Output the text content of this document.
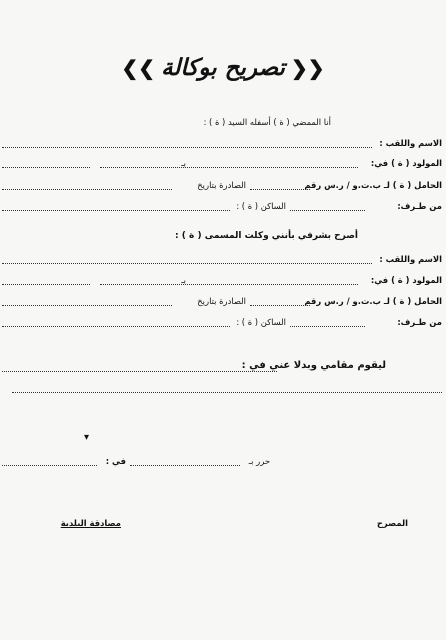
❮❮ تصريح بوكالة ❯❯
أنا الممضي ( ة ) أسفله السيد ( ة ) :
الاسم واللقب :
المولود ( ة ) في:
بـ
الحامل ( ة ) لـ ب.ت.و / ر.س رقم
الصادرة بتاريخ
من طـرف:
الساكن ( ة ) :
أصرح بشرفي بأنني وكلت المسمى ( ة ) :
الاسم واللقب :
المولود ( ة ) في:
بـ
الحامل ( ة ) لـ ب.ت.و / ر.س رقم
الصادرة بتاريخ
من طـرف:
الساكن ( ة ) :
ليقوم مقامي وبدلا عني في :
▾
حرر بـ
في :
المصرح
مصادقة البلدية
